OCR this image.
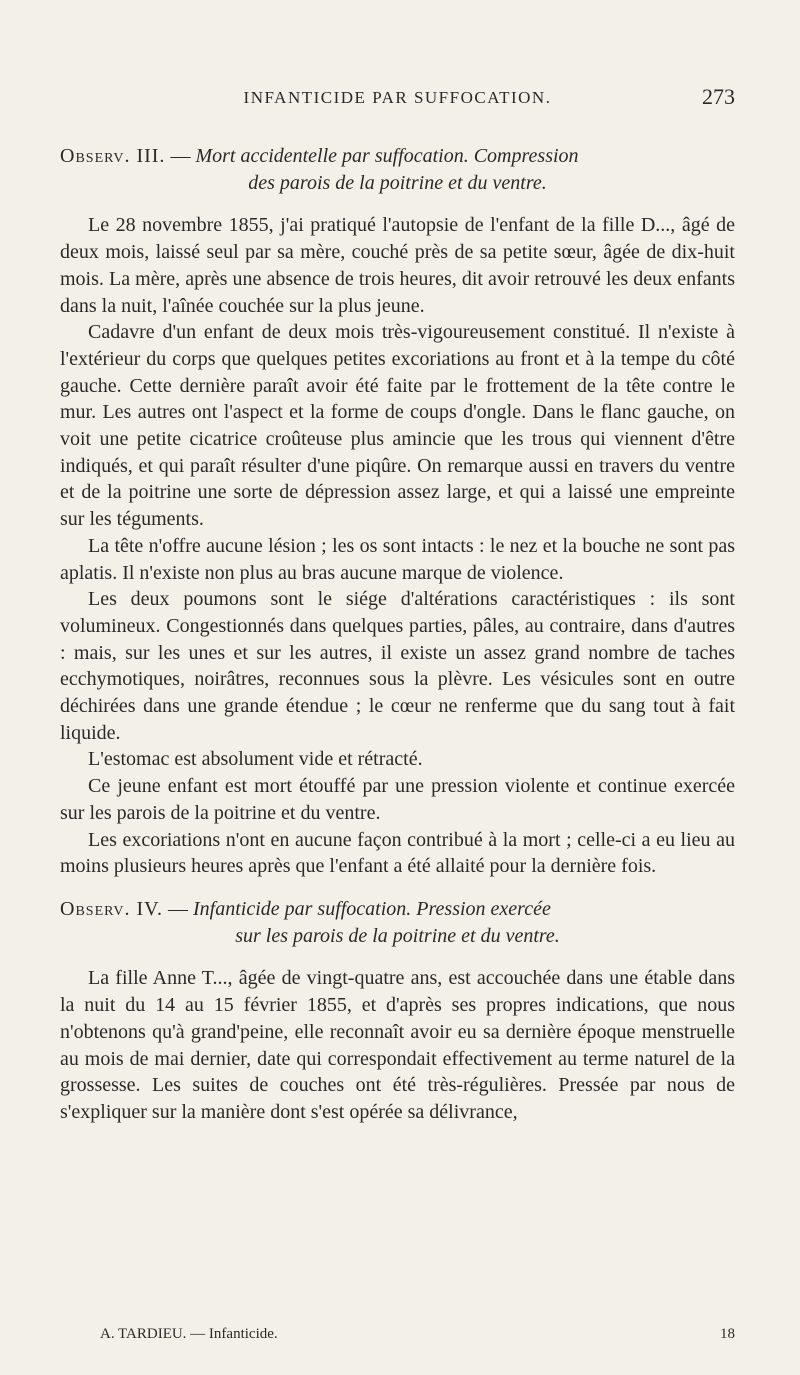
INFANTICIDE PAR SUFFOCATION.	273

Observ. III. — Mort accidentelle par suffocation. Compression

des parois de la poitrine et du ventre.

Le 28 novembre 1855, j'ai pratiqué l'autopsie de l'enfant de la fille D..., âgé de deux mois, laissé seul par sa mère, couché près de sa petite sœur, âgée de dix-huit mois. La mère, après une absence de trois heures, dit avoir retrouvé les deux enfants dans la nuit, l'aînée couchée sur la plus jeune.

Cadavre d'un enfant de deux mois très-vigoureusement constitué. Il n'existe à l'extérieur du corps que quelques petites excoriations au front et à la tempe du côté gauche. Cette dernière paraît avoir été faite par le frottement de la tête contre le mur. Les autres ont l'aspect et la forme de coups d'ongle. Dans le flanc gauche, on voit une petite cicatrice croûteuse plus amincie que les trous qui viennent d'être indiqués, et qui paraît résulter d'une piqûre. On remarque aussi en travers du ventre et de la poitrine une sorte de dépression assez large, et qui a laissé une empreinte sur les téguments.

La tête n'offre aucune lésion ; les os sont intacts : le nez et la bouche ne sont pas aplatis. Il n'existe non plus au bras aucune marque de violence.

Les deux poumons sont le siége d'altérations caractéristiques : ils sont volumineux. Congestionnés dans quelques parties, pâles, au contraire, dans d'autres : mais, sur les unes et sur les autres, il existe un assez grand nombre de taches ecchymotiques, noirâtres, reconnues sous la plèvre. Les vésicules sont en outre déchirées dans une grande étendue ; le cœur ne renferme que du sang tout à fait liquide.

L'estomac est absolument vide et rétracté.

Ce jeune enfant est mort étouffé par une pression violente et continue exercée sur les parois de la poitrine et du ventre.

Les excoriations n'ont en aucune façon contribué à la mort ; celle-ci a eu lieu au moins plusieurs heures après que l'enfant a été allaité pour la dernière fois.

Observ. IV. — Infanticide par suffocation. Pression exercée

sur les parois de la poitrine et du ventre.

La fille Anne T..., âgée de vingt-quatre ans, est accouchée dans une étable dans la nuit du 14 au 15 février 1855, et d'après ses propres indications, que nous n'obtenons qu'à grand'peine, elle reconnaît avoir eu sa dernière époque menstruelle au mois de mai dernier, date qui correspondait effectivement au terme naturel de la grossesse. Les suites de couches ont été très-régulières. Pressée par nous de s'expliquer sur la manière dont s'est opérée sa délivrance,

A. TARDIEU. — Infanticide.	18
